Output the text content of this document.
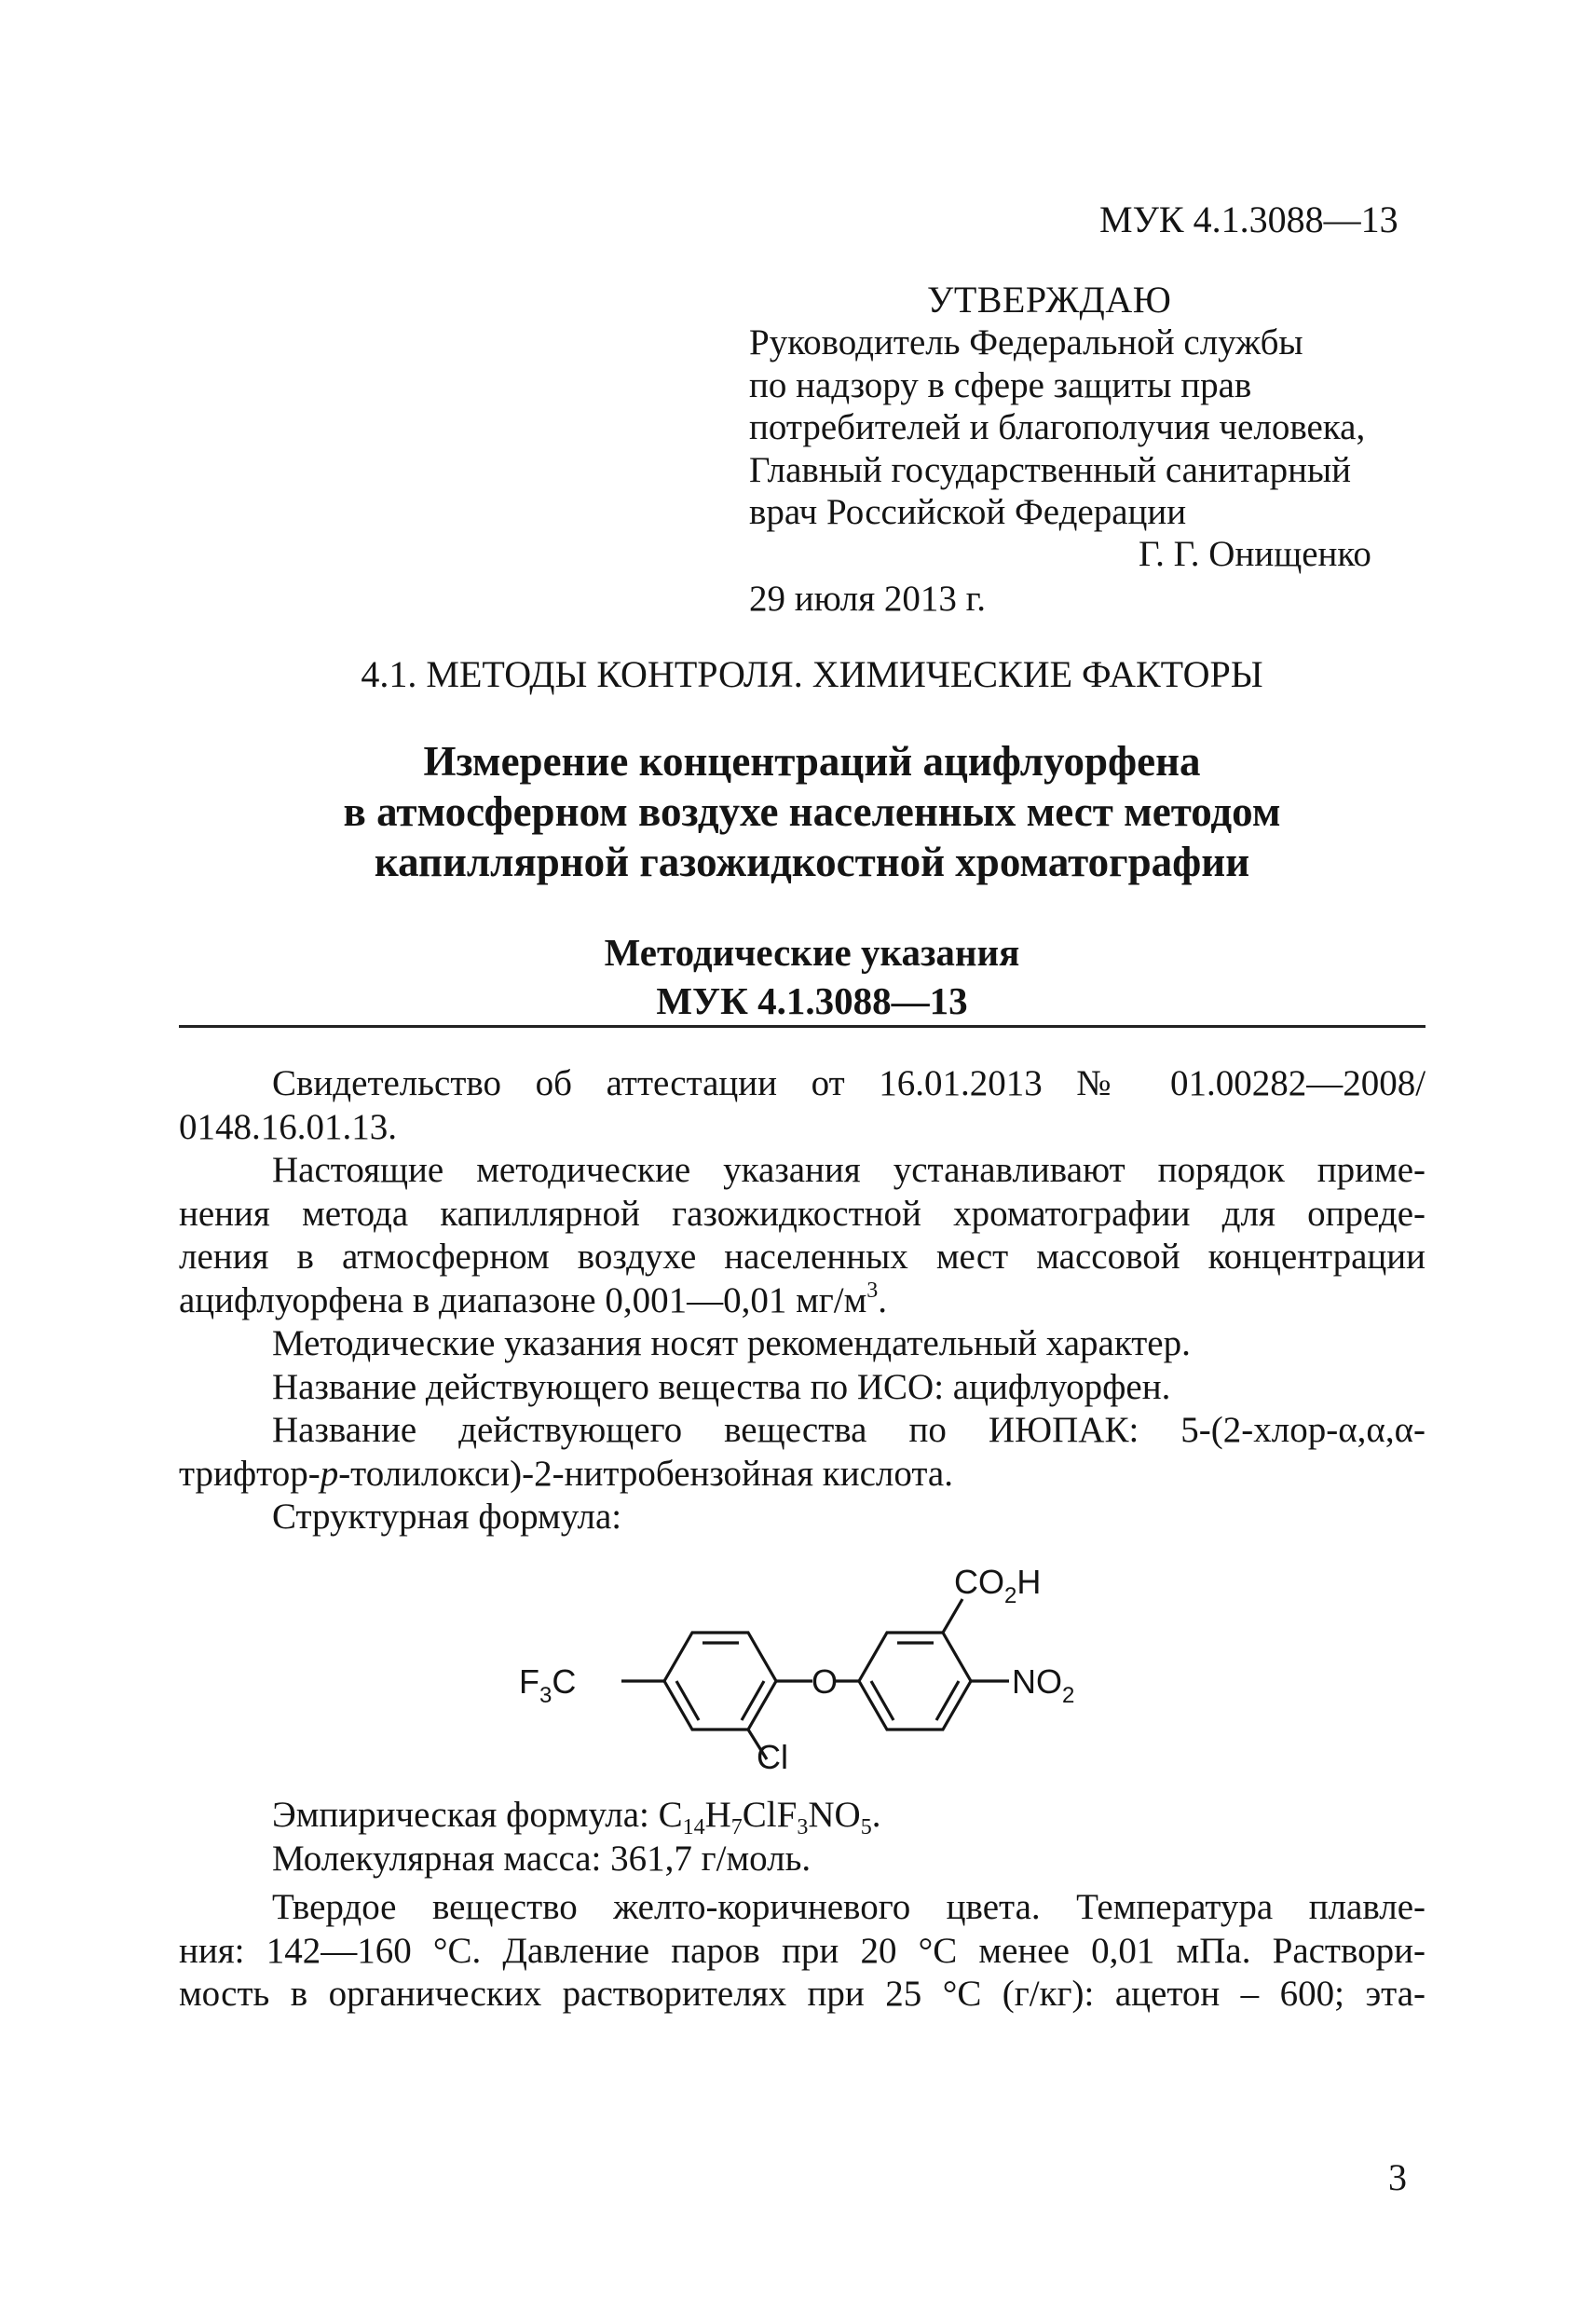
МУК 4.1.3088—13
УТВЕРЖДАЮ
Руководитель Федеральной службы
по надзору в сфере защиты прав
потребителей и благополучия человека,
Главный государственный санитарный
врач Российской Федерации
Г. Г. Онищенко
29 июля 2013 г.
4.1. МЕТОДЫ КОНТРОЛЯ. ХИМИЧЕСКИЕ ФАКТОРЫ
Измерение концентраций ацифлуорфена
в атмосферном воздухе населенных мест методом
капиллярной газожидкостной хроматографии
Методические указания
МУК 4.1.3088—13
Свидетельство об аттестации от 16.01.2013 № 01.00282—2008/
0148.16.01.13.
Настоящие методические указания устанавливают порядок приме-
нения метода капиллярной газожидкостной хроматографии для опреде-
ления в атмосферном воздухе населенных мест массовой концентрации
ацифлуорфена в диапазоне 0,001—0,01 $мг/м^3$.
Методические указания носят рекомендательный характер.
Название действующего вещества по ИСО: ацифлуорфен.
Название действующего вещества по ИЮПАК: 5-(2-хлор-α,α,α-
трифтор-p-толилокси)-2-нитробензойная кислота.
Структурная формула:
$F_3C$	O
$CO_2H$
$NO_2$
Cl
Эмпирическая формула: $C_{14}H_7ClF_3NO_5$.
Молекулярная масса: 361,7 г/моль.
Твердое вещество желто-коричневого цвета. Температура плавле-
ния: 142—160 °С. Давление паров при 20 °С менее 0,01 мПа. Раствори-
мость в органических растворителях при 25 °С (г/кг): ацетон – 600; эта-
3
